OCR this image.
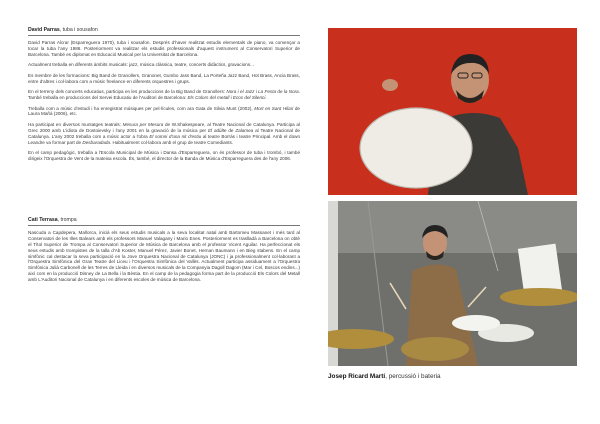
David Parras, tuba i sousafon

David Parras Alcrar (Esparreguera 1970), tuba i sousafon. Després d'haver realitzat estudis elementals de piano, va començar a tocar la tuba l'any 1986. Posteriorment va realitzar els estudis professionals d'aquest instrument al Conservatori Superior de Barcelona. També es diplomat en Educació Musical per la Universitat de Barcelona.

Actualment treballa en diferents àmbits musicals: jazz, música clàssica, teatre, concerts didàctics, gravacions...

Es membre de les formacions: Big Band de Granollers, Granonet, Gumbo Jass Band, La Porteña Jazz Band, Hot Brass, Ancia Brass, entre d'altres i col·labora com a músic freelance en diferents orquestres i grups.

En el terreny dels concerts educatius, participa en les produccions de la Big Band de Granollers: Nora i el Jazz i La Festa de la Nora. També treballa en produccions del Servei Educatiu de l'Auditori de Barcelona: Els Colors del metall i Ecos del Silenci.

Treballa com a músic d'estudi i ha enregistrat músiques per pel·lícules, com ara Gata de Silvia Munt (2002), Mort en Sant Hilari de Laura Mañá (2006), etc.

Ha participat en diversos muntatges teatrals: Mesura per Mesura de W.Shakespeare, al Teatre Nacional de Catalunya. Participa al Grec 2000 amb L'idiota de Dostoievsky i l'any 2001 en la gravació de la música per El adúlte de Zalamea al Teatre Nacional de Catalunya. L'any 2002 treballa com a músic actor a l'obra El somni d'una nit d'estiu al teatre Borràs i teatre Principal. Amb el down Leandre va formar part de Desbaradada. Habitualment col·labora amb el grup de teatre Comediants.

En el camp pedagògic, treballa a l'Escola Municipal de Música i Dansa d'Esparreguera, on és professor de tuba i trombó, i també dirigeix l'Orquestra de Vent de la mateixa escola. És, també, el director de la Banda de Música d'Esparreguera des de l'any 2006.

Cati Terrasa, trompa

Nascuda a Capdepera, Mallorca, inicià els seus estudis musicals a la seva localitat natal amb Bartomeu Massanet i més tard al Conservatori de les Illes Balears amb els professors Manuel Valagany i Mario Enes. Posteriorment es traslladà a Barcelona on obtè el Títol Superior de Trompa al Conservatori Superior de Música de Barcelona amb el professor Vicent Aguilar. Ha perfeccionat els seus estudis amb trompistes de la talla d'Ab Koster, Manuel Pérez, Javier Bonet, Hernan Baumann i en Bieg stabens. En el camp simfònic cal destacar la seva participació en la Jove Orquestra Nacional de Catalunya (JONC) i ja professionalment col·laborant a l'Orquestra Simfònica del Gran Teatre del Liceu i l'Orquestra Simfònica del Vallès. Actualment participa assiduament a l'Orquestra Simfònica Julià Carbonell de les Terres de Lleida i en diversos musicals de la Companyia Dagoll Dagom (Mar i Cel, Boscos endins...) així com en la producció Disney de La Bella i la Bèstia. En el camp de la pedagogia forma part de la producció Els Colors del Metall amb L'Auditori Nacional de Catalunya i en diferents escoles de música de Barcelona.

Josep Ricard Martí, percussió i bateria
